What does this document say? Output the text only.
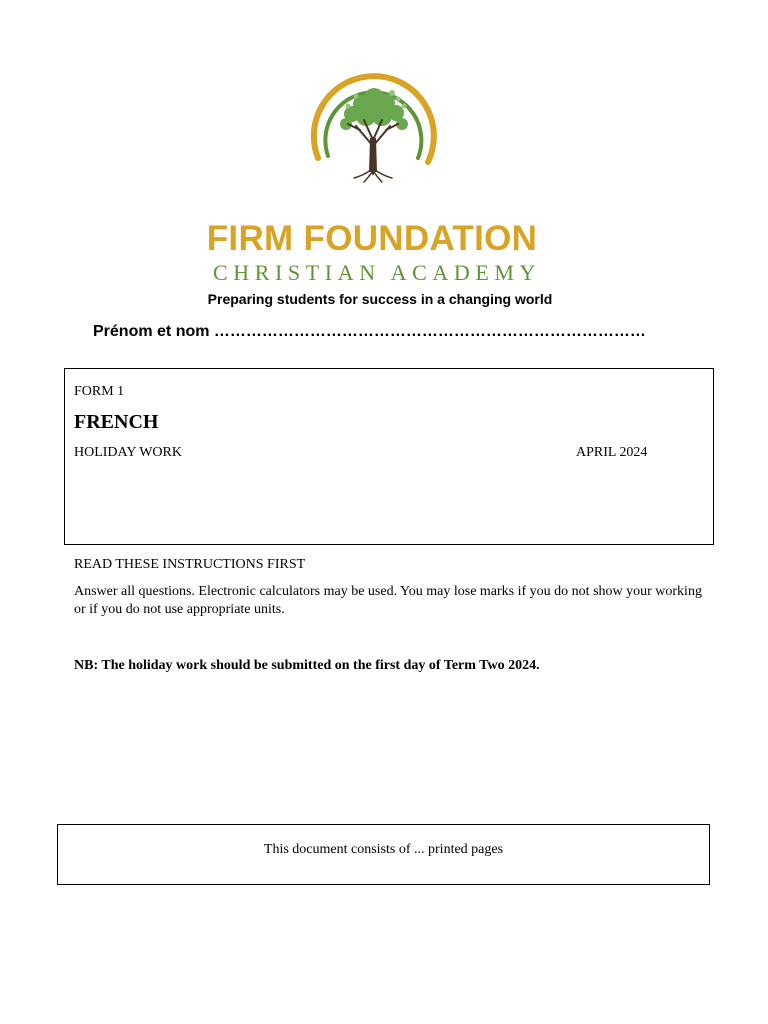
FIRM FOUNDATION
CHRISTIAN ACADEMY
Preparing students for success in a changing world
Prénom et nom ………………………………………………………………………
FORM 1
FRENCH
HOLIDAY WORK	APRIL 2024
READ THESE INSTRUCTIONS FIRST
Answer all questions. Electronic calculators may be used. You may lose marks if you do not show your working or if you do not use appropriate units.
NB: The holiday work should be submitted on the first day of Term Two 2024.
This document consists of ... printed pages
